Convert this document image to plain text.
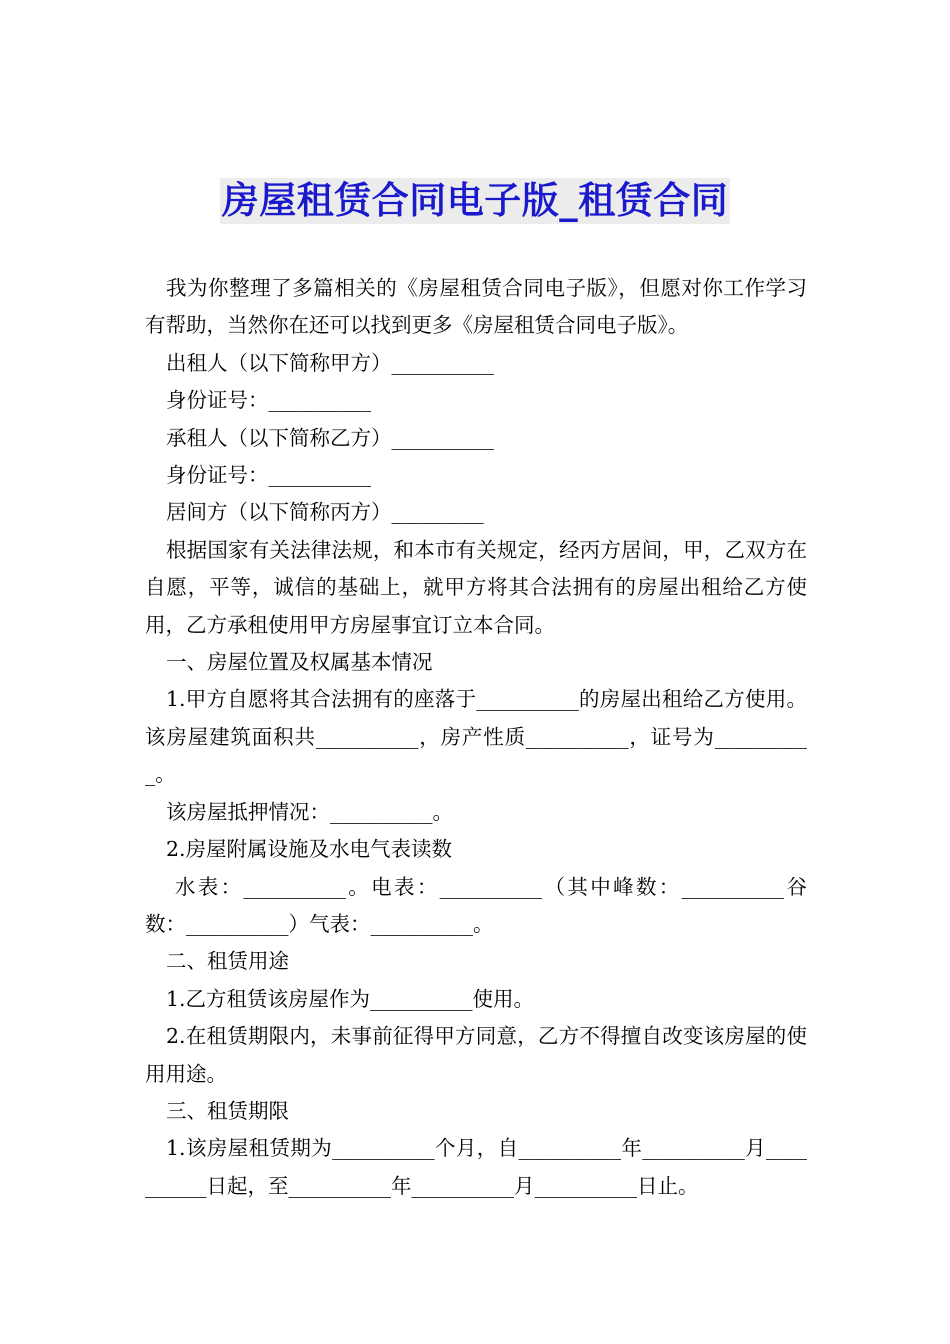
房屋租赁合同电子版_租赁合同

我为你整理了多篇相关的《房屋租赁合同电子版》，但愿对你工作学习有帮助，当然你在还可以找到更多《房屋租赁合同电子版》。

出租人（以下简称甲方）__________

身份证号：__________

承租人（以下简称乙方）__________

身份证号：__________

居间方（以下简称丙方）_________

根据国家有关法律法规，和本市有关规定，经丙方居间，甲，乙双方在自愿，平等，诚信的基础上，就甲方将其合法拥有的房屋出租给乙方使用，乙方承租使用甲方房屋事宜订立本合同。

一、房屋位置及权属基本情况

1.甲方自愿将其合法拥有的座落于__________的房屋出租给乙方使用。该房屋建筑面积共__________，房产性质__________，证号为__________。

该房屋抵押情况：__________。

2.房屋附属设施及水电气表读数

水表：__________。电表：__________（其中峰数：__________谷数：__________）气表：__________。

二、租赁用途

1.乙方租赁该房屋作为__________使用。

2.在租赁期限内，未事前征得甲方同意，乙方不得擅自改变该房屋的使用用途。

三、租赁期限

1.该房屋租赁期为__________个月，自__________年__________月__________日起，至__________年__________月__________日止。
